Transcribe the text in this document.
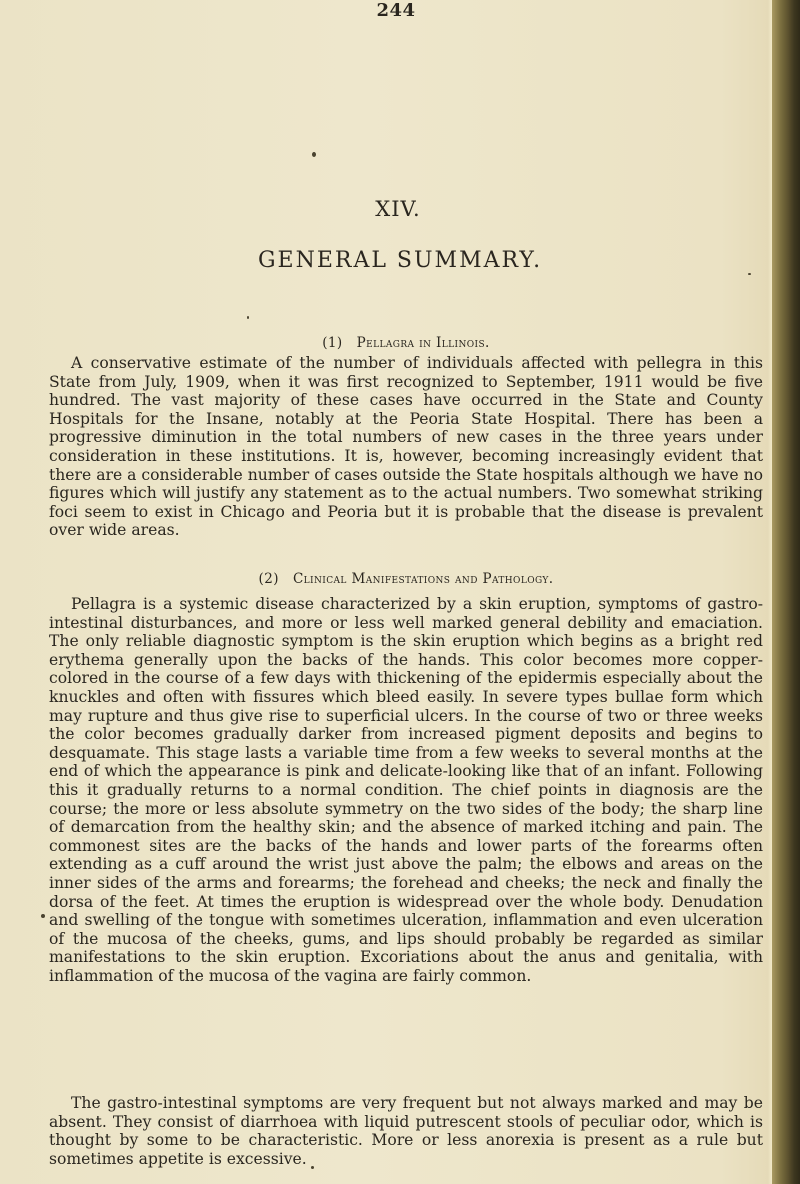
244
XIV.
GENERAL SUMMARY.
(1) Pellagra in Illinois.

A conservative estimate of the number of individuals affected with pellegra in this State from July, 1909, when it was first recognized to September, 1911 would be five hundred. The vast majority of these cases have occurred in the State and County Hospitals for the Insane, notably at the Peoria State Hospital. There has been a progressive diminution in the total numbers of new cases in the three years under consideration in these institutions. It is, however, becoming increasingly evident that there are a considerable number of cases outside the State hospitals although we have no figures which will justify any statement as to the actual numbers. Two somewhat striking foci seem to exist in Chicago and Peoria but it is probable that the disease is prevalent over wide areas.

(2) Clinical Manifestations and Pathology.

Pellagra is a systemic disease characterized by a skin eruption, symptoms of gastro-intestinal disturbances, and more or less well marked general debility and emaciation. The only reliable diagnostic symptom is the skin eruption which begins as a bright red erythema generally upon the backs of the hands. This color becomes more copper-colored in the course of a few days with thickening of the epidermis especially about the knuckles and often with fissures which bleed easily. In severe types bullae form which may rupture and thus give rise to superficial ulcers. In the course of two or three weeks the color becomes gradually darker from increased pigment deposits and begins to desquamate. This stage lasts a variable time from a few weeks to several months at the end of which the appearance is pink and delicate-looking like that of an infant. Following this it gradually returns to a normal condition. The chief points in diagnosis are the course; the more or less absolute symmetry on the two sides of the body; the sharp line of demarcation from the healthy skin; and the absence of marked itching and pain. The commonest sites are the backs of the hands and lower parts of the forearms often extending as a cuff around the wrist just above the palm; the elbows and areas on the inner sides of the arms and forearms; the forehead and cheeks; the neck and finally the dorsa of the feet. At times the eruption is widespread over the whole body. Denudation and swelling of the tongue with sometimes ulceration, inflammation and even ulceration of the mucosa of the cheeks, gums, and lips should probably be regarded as similar manifestations to the skin eruption. Excoriations about the anus and genitalia, with inflammation of the mucosa of the vagina are fairly common.

The gastro-intestinal symptoms are very frequent but not always marked and may be absent. They consist of diarrhoea with liquid putrescent stools of peculiar odor, which is thought by some to be characteristic. More or less anorexia is present as a rule but sometimes appetite is excessive.
